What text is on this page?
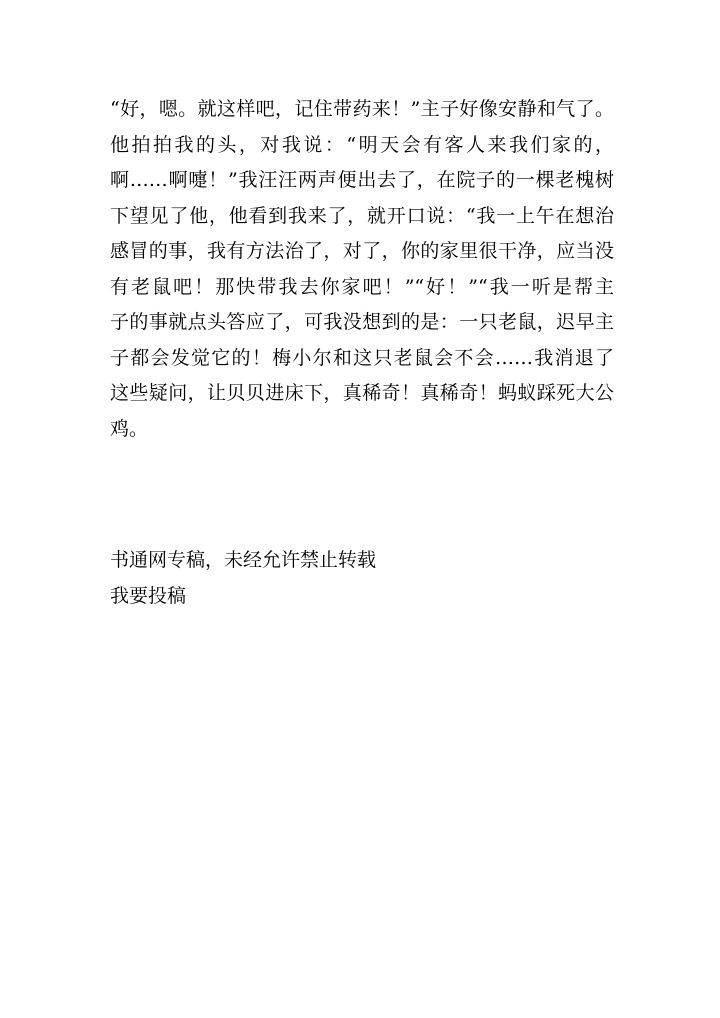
“好，嗯。就这样吧，记住带药来！”主子好像安静和气了。
他拍拍我的头，对我说：“明天会有客人来我们家的，
啊……啊嚏！”我汪汪两声便出去了，在院子的一棵老槐树
下望见了他，他看到我来了，就开口说：“我一上午在想治
感冒的事，我有方法治了，对了，你的家里很干净，应当没
有老鼠吧！那快带我去你家吧！”“好！”“我一听是帮主
子的事就点头答应了，可我没想到的是：一只老鼠，迟早主
子都会发觉它的！梅小尔和这只老鼠会不会……我消退了
这些疑问，让贝贝进床下，真稀奇！真稀奇！蚂蚁踩死大公
鸡。
书通网专稿，未经允许禁止转载
我要投稿
